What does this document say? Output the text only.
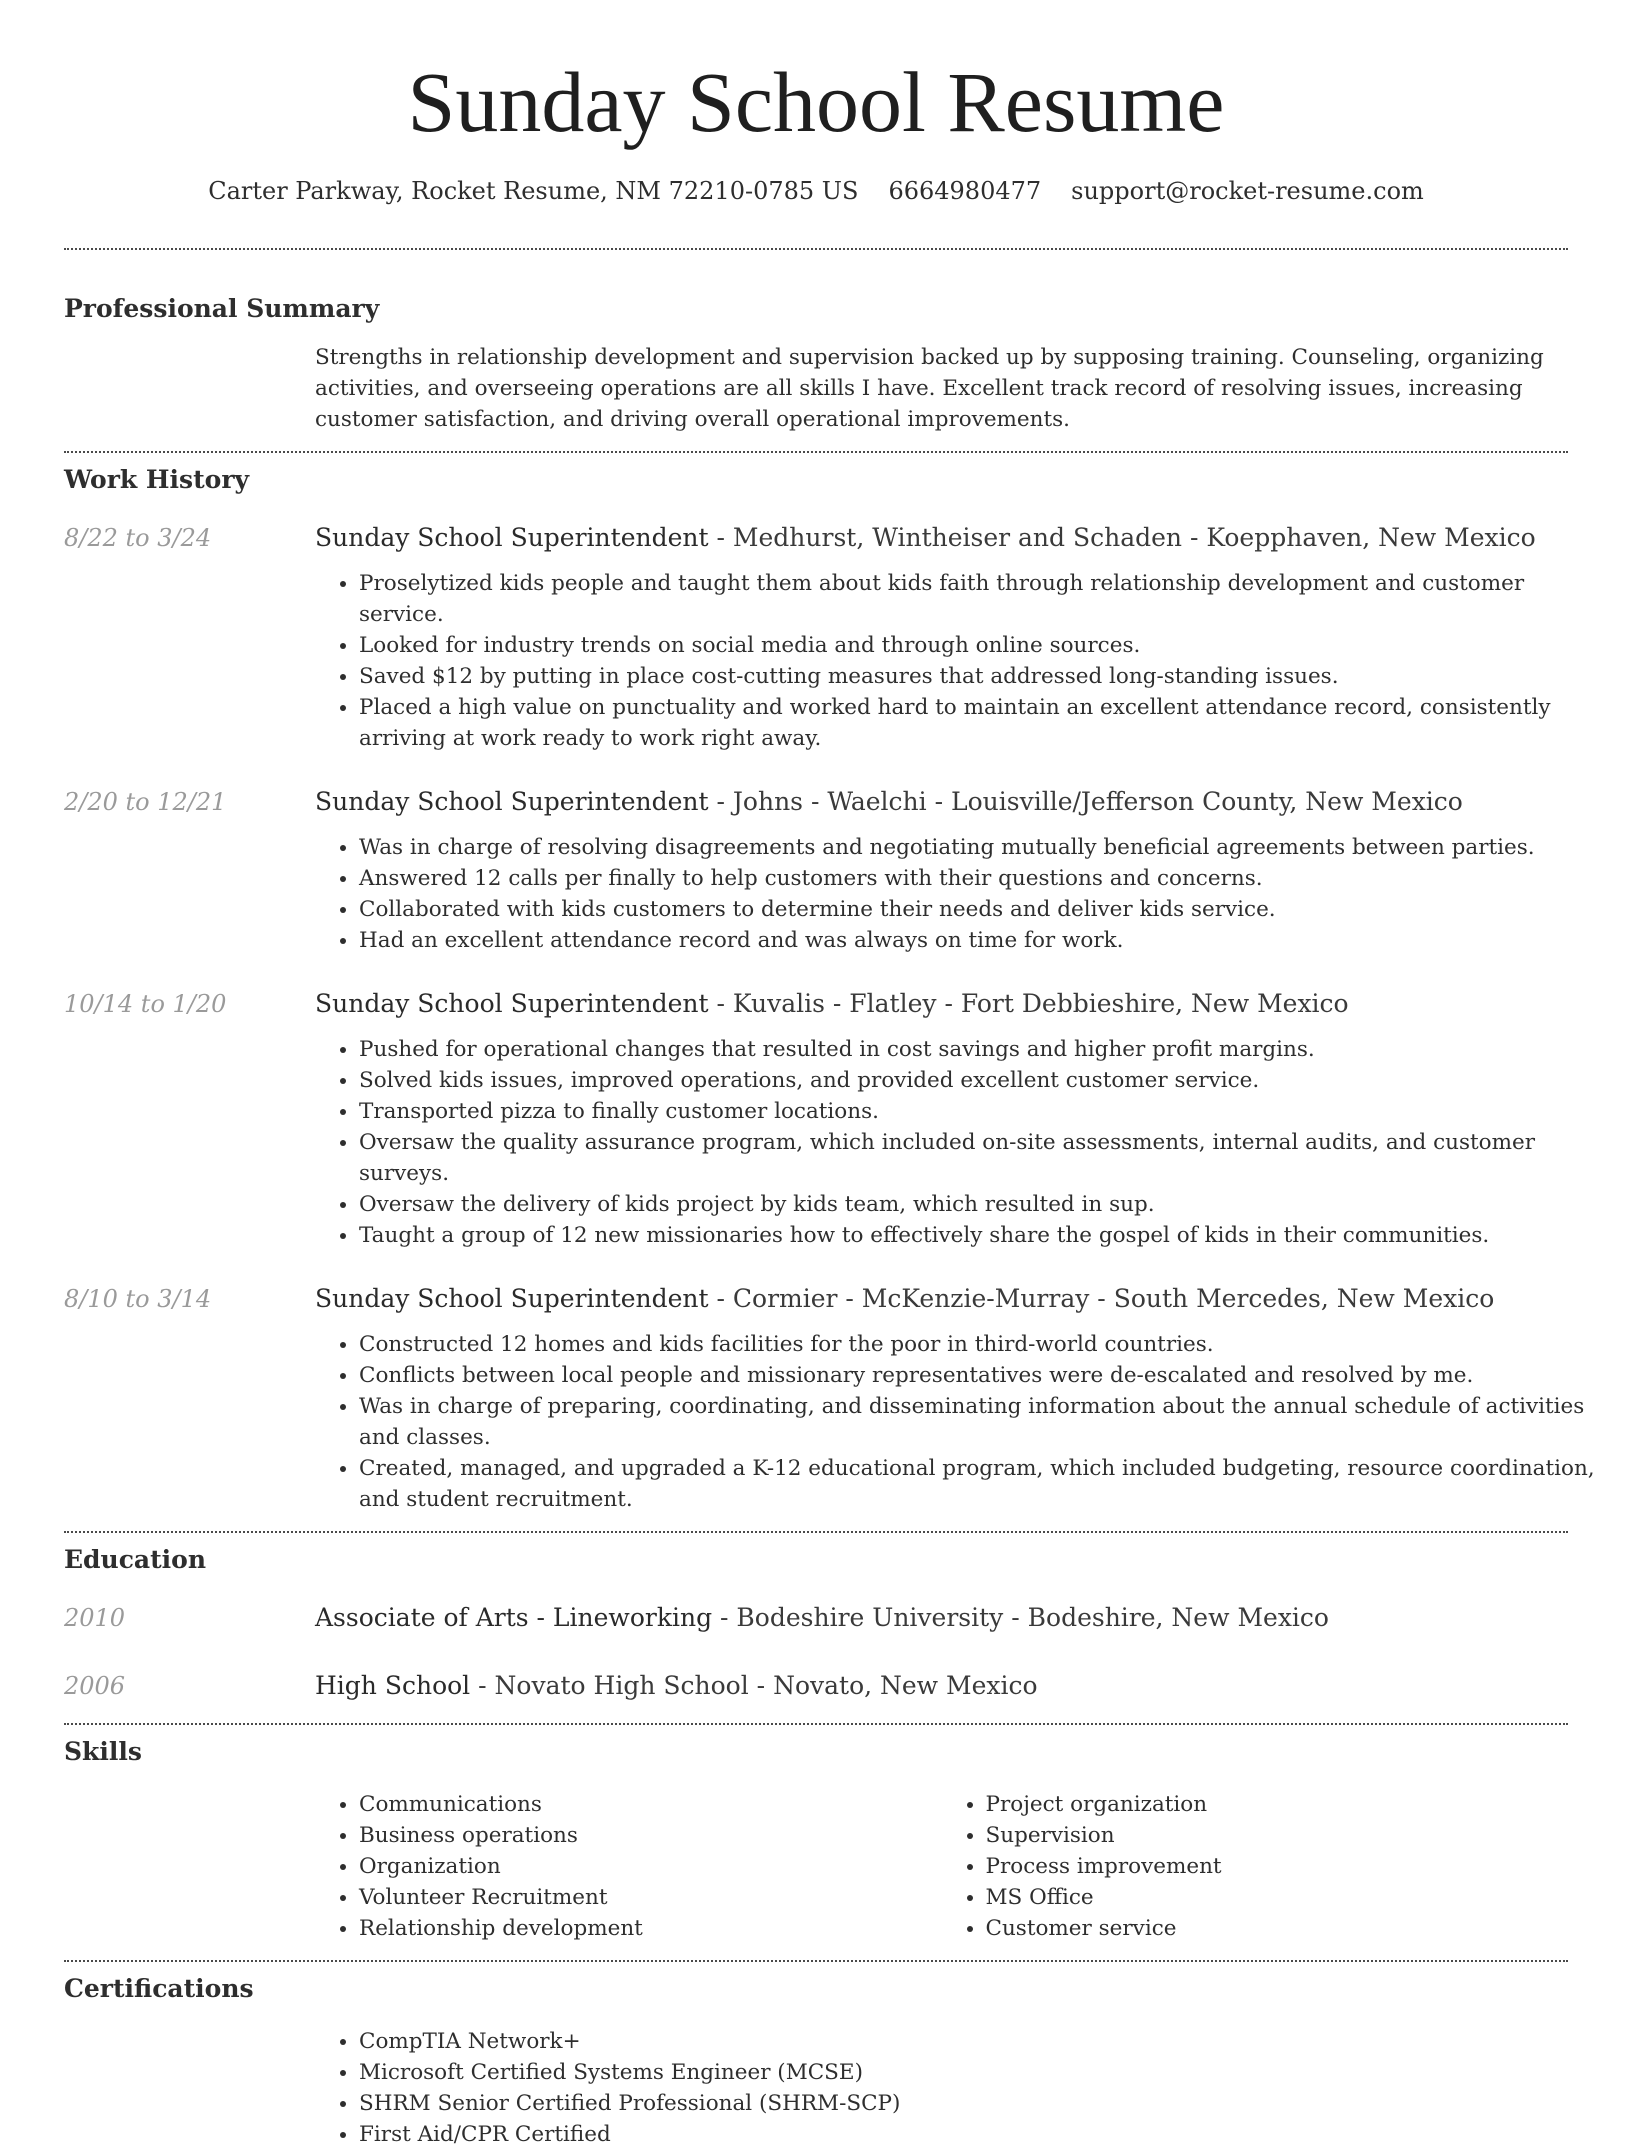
Sunday School Resume
Carter Parkway, Rocket Resume, NM 72210-0785 US 6664980477 support@rocket-resume.com
Professional Summary
Strengths in relationship development and supervision backed up by supposing training. Counseling, organizing activities, and overseeing operations are all skills I have. Excellent track record of resolving issues, increasing customer satisfaction, and driving overall operational improvements.
Work History
8/22 to 3/24	Sunday School Superintendent - Medhurst, Wintheiser and Schaden - Koepphaven, New Mexico
• Proselytized kids people and taught them about kids faith through relationship development and customer service.
• Looked for industry trends on social media and through online sources.
• Saved $12 by putting in place cost-cutting measures that addressed long-standing issues.
• Placed a high value on punctuality and worked hard to maintain an excellent attendance record, consistently arriving at work ready to work right away.
2/20 to 12/21	Sunday School Superintendent - Johns - Waelchi - Louisville/Jefferson County, New Mexico
• Was in charge of resolving disagreements and negotiating mutually beneficial agreements between parties.
• Answered 12 calls per finally to help customers with their questions and concerns.
• Collaborated with kids customers to determine their needs and deliver kids service.
• Had an excellent attendance record and was always on time for work.
10/14 to 1/20	Sunday School Superintendent - Kuvalis - Flatley - Fort Debbieshire, New Mexico
• Pushed for operational changes that resulted in cost savings and higher profit margins.
• Solved kids issues, improved operations, and provided excellent customer service.
• Transported pizza to finally customer locations.
• Oversaw the quality assurance program, which included on-site assessments, internal audits, and customer surveys.
• Oversaw the delivery of kids project by kids team, which resulted in sup.
• Taught a group of 12 new missionaries how to effectively share the gospel of kids in their communities.
8/10 to 3/14	Sunday School Superintendent - Cormier - McKenzie-Murray - South Mercedes, New Mexico
• Constructed 12 homes and kids facilities for the poor in third-world countries.
• Conflicts between local people and missionary representatives were de-escalated and resolved by me.
• Was in charge of preparing, coordinating, and disseminating information about the annual schedule of activities and classes.
• Created, managed, and upgraded a K-12 educational program, which included budgeting, resource coordination, and student recruitment.
Education
2010	Associate of Arts - Lineworking - Bodeshire University - Bodeshire, New Mexico
2006	High School - Novato High School - Novato, New Mexico
Skills
• Communications
• Business operations
• Organization
• Volunteer Recruitment
• Relationship development
• Project organization
• Supervision
• Process improvement
• MS Office
• Customer service
Certifications
• CompTIA Network+
• Microsoft Certified Systems Engineer (MCSE)
• SHRM Senior Certified Professional (SHRM-SCP)
• First Aid/CPR Certified
